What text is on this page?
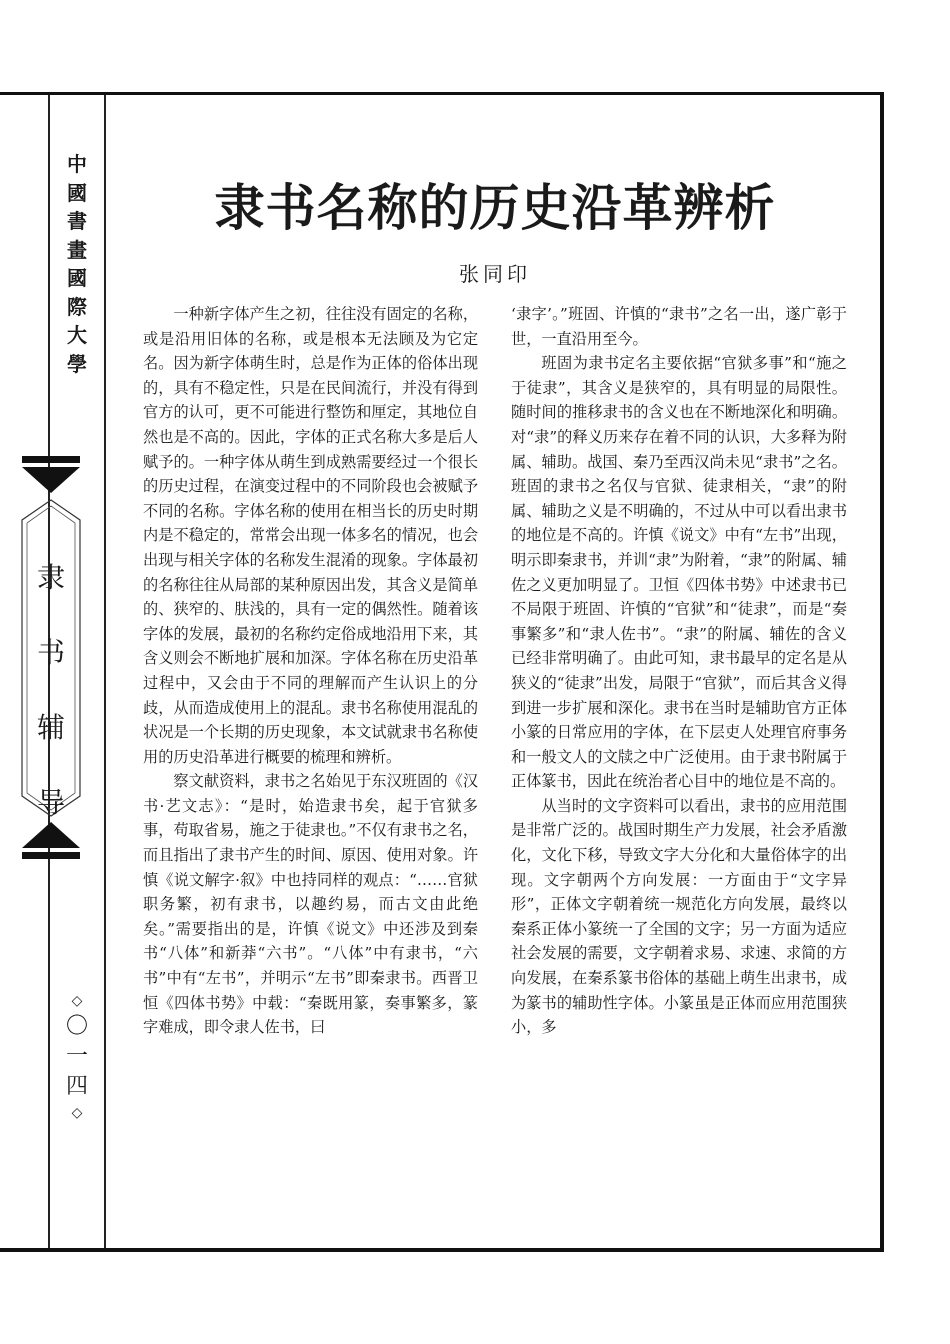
中
國
書
畫
國
際
大
學
隶
书
辅
导
◇
〇
一
四
◇
隶书名称的历史沿革辨析
张同印

一种新字体产生之初，往往没有固定的名称，或是沿用旧体的名称，或是根本无法顾及为它定名。因为新字体萌生时，总是作为正体的俗体出现的，具有不稳定性，只是在民间流行，并没有得到官方的认可，更不可能进行整饬和厘定，其地位自然也是不高的。因此，字体的正式名称大多是后人赋予的。一种字体从萌生到成熟需要经过一个很长的历史过程，在演变过程中的不同阶段也会被赋予不同的名称。字体名称的使用在相当长的历史时期内是不稳定的，常常会出现一体多名的情况，也会出现与相关字体的名称发生混淆的现象。字体最初的名称往往从局部的某种原因出发，其含义是简单的、狭窄的、肤浅的，具有一定的偶然性。随着该字体的发展，最初的名称约定俗成地沿用下来，其含义则会不断地扩展和加深。字体名称在历史沿革过程中，又会由于不同的理解而产生认识上的分歧，从而造成使用上的混乱。隶书名称使用混乱的状况是一个长期的历史现象，本文试就隶书名称使用的历史沿革进行概要的梳理和辨析。

察文献资料，隶书之名始见于东汉班固的《汉书·艺文志》：“是时，始造隶书矣，起于官狱多事，苟取省易，施之于徒隶也。”不仅有隶书之名，而且指出了隶书产生的时间、原因、使用对象。许慎《说文解字·叙》中也持同样的观点：“……官狱职务繁，初有隶书，以趣约易，而古文由此绝矣。”需要指出的是，许慎《说文》中还涉及到秦书“八体”和新莽“六书”。“八体”中有隶书，“六书”中有“左书”，并明示“左书”即秦隶书。西晋卫恒《四体书势》中载：“秦既用篆，奏事繁多，篆字难成，即令隶人佐书，曰

‘隶字’。”班固、许慎的“隶书”之名一出，遂广彰于世，一直沿用至今。

班固为隶书定名主要依据“官狱多事”和“施之于徒隶”，其含义是狭窄的，具有明显的局限性。随时间的推移隶书的含义也在不断地深化和明确。对“隶”的释义历来存在着不同的认识，大多释为附属、辅助。战国、秦乃至西汉尚未见“隶书”之名。班固的隶书之名仅与官狱、徒隶相关，“隶”的附属、辅助之义是不明确的，不过从中可以看出隶书的地位是不高的。许慎《说文》中有“左书”出现，明示即秦隶书，并训“隶”为附着，“隶”的附属、辅佐之义更加明显了。卫恒《四体书势》中述隶书已不局限于班固、许慎的“官狱”和“徒隶”，而是“奏事繁多”和“隶人佐书”。“隶”的附属、辅佐的含义已经非常明确了。由此可知，隶书最早的定名是从狭义的“徒隶”出发，局限于“官狱”，而后其含义得到进一步扩展和深化。隶书在当时是辅助官方正体小篆的日常应用的字体，在下层吏人处理官府事务和一般文人的文牍之中广泛使用。由于隶书附属于正体篆书，因此在统治者心目中的地位是不高的。

从当时的文字资料可以看出，隶书的应用范围是非常广泛的。战国时期生产力发展，社会矛盾激化，文化下移，导致文字大分化和大量俗体字的出现。文字朝两个方向发展：一方面由于“文字异形”，正体文字朝着统一规范化方向发展，最终以秦系正体小篆统一了全国的文字；另一方面为适应社会发展的需要，文字朝着求易、求速、求简的方向发展，在秦系篆书俗体的基础上萌生出隶书，成为篆书的辅助性字体。小篆虽是正体而应用范围狭小，多
